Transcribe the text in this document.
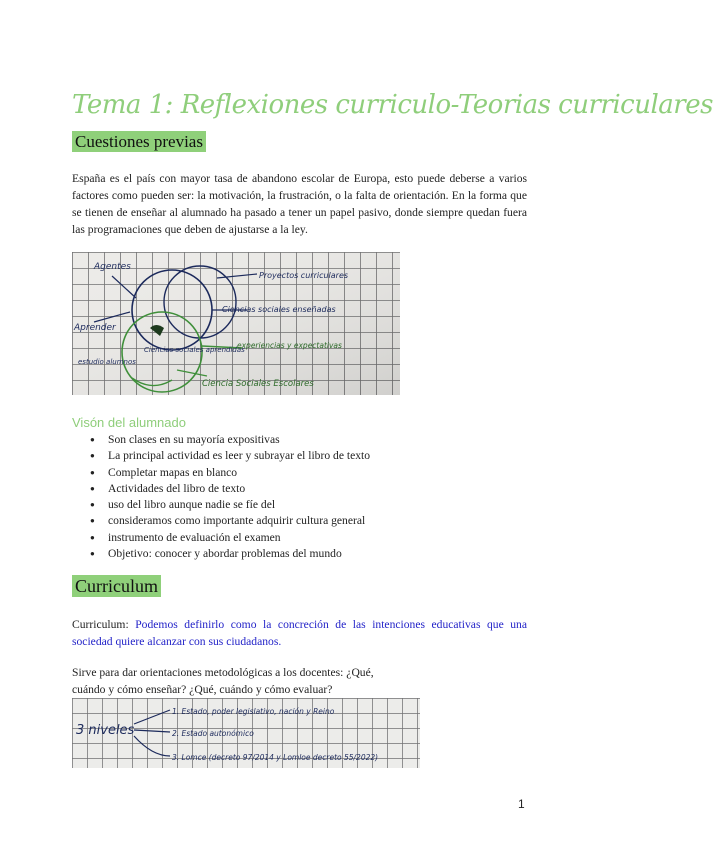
Tema 1: Reflexiones curriculo-Teorias curriculares
Cuestiones previas
España es el país con mayor tasa de abandono escolar de Europa, esto puede deberse a varios factores como pueden ser: la motivación, la frustración, o la falta de orientación. En la forma que se tienen de enseñar al alumnado ha pasado a tener un papel pasivo, donde siempre quedan fuera las programaciones que deben de ajustarse a la ley.
Agentes
Aprender
Proyectos curriculares
Ciencias sociales enseñadas
Ciencias sociales aprendidas
estudio alumnos
experiencias y expectativas
Ciencia Sociales Escolares
Visón del alumnado
● Son clases en su mayoría expositivas
● La principal actividad es leer y subrayar el libro de texto
● Completar mapas en blanco
● Actividades del libro de texto
● uso del libro aunque nadie se fíe del
● consideramos como importante adquirir cultura general
● instrumento de evaluación el examen
● Objetivo: conocer y abordar problemas del mundo
Curriculum
Curriculum: Podemos definirlo como la concreción de las intenciones educativas que una sociedad quiere alcanzar con sus ciudadanos.
Sirve para dar orientaciones metodológicas a los docentes: ¿Qué, cuándo y cómo enseñar? ¿Qué, cuándo y cómo evaluar?
3 niveles
1. Estado, poder legislativo, nación y Reino
2. Estado autonómico
3. Lomce (decreto 97/2014 y Lomloe decreto 55/2022)
1
